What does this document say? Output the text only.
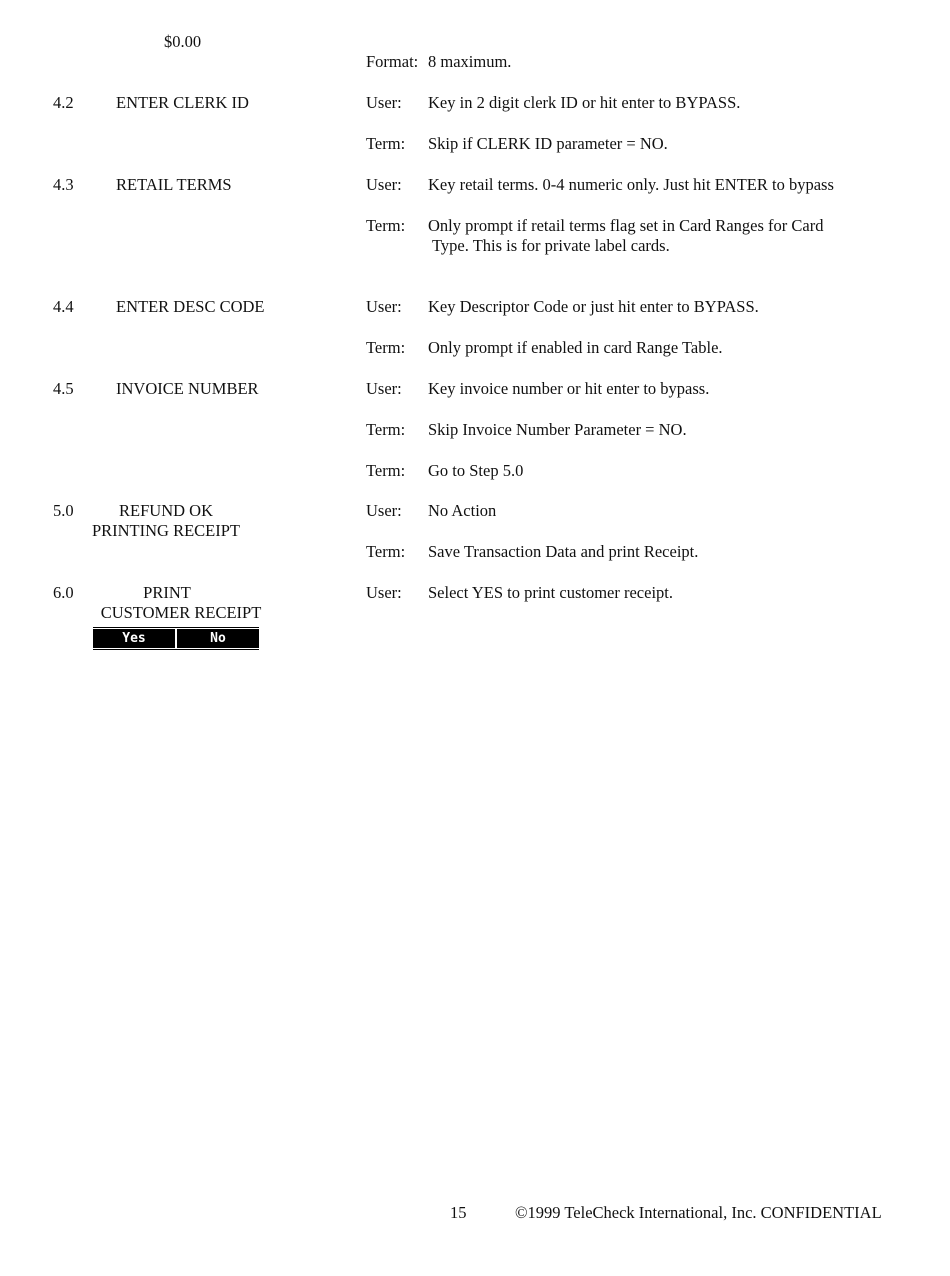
$0.00
Format: 8 maximum.
4.2	ENTER CLERK ID	User: Key in 2 digit clerk ID or hit enter to BYPASS.
Term: Skip if CLERK ID parameter = NO.
4.3	RETAIL TERMS	User: Key retail terms. 0-4 numeric only. Just hit ENTER to bypass
Term: Only prompt if retail terms flag set in Card Ranges for Card
Type. This is for private label cards.
4.4	ENTER DESC CODE	User: Key Descriptor Code or just hit enter to BYPASS.
Term: Only prompt if enabled in card Range Table.
4.5	INVOICE NUMBER	User: Key invoice number or hit enter to bypass.
Term: Skip Invoice Number Parameter = NO.
Term: Go to Step 5.0
5.0	REFUND OK
PRINTING RECEIPT
User: No Action
Term: Save Transaction Data and print Receipt.
6.0	PRINT
CUSTOMER RECEIPT
User: Select YES to print customer receipt.
Yes	No
15	©1999 TeleCheck International, Inc. CONFIDENTIAL
